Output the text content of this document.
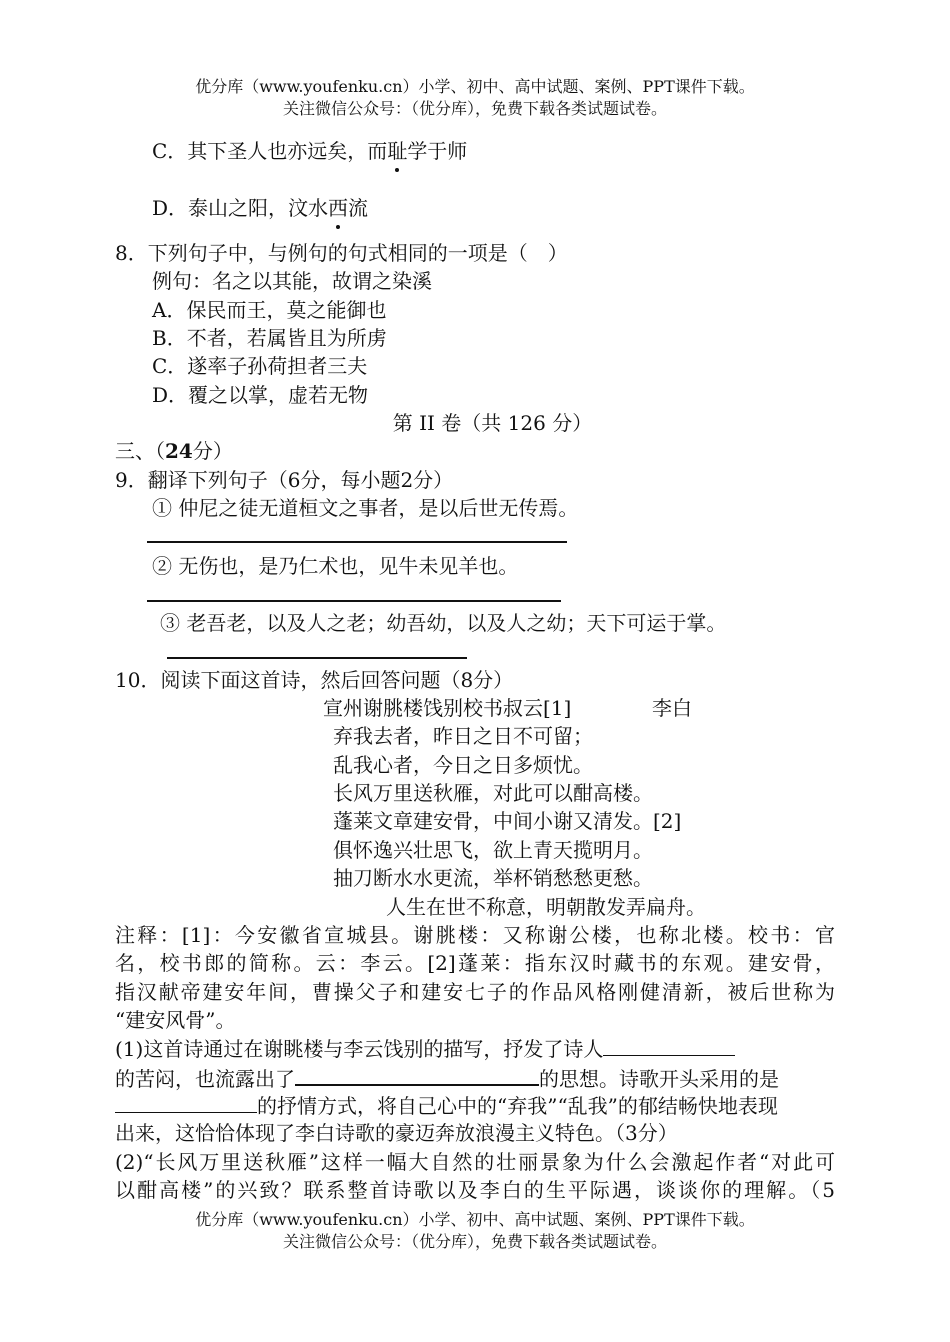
优分库（www.youfenku.cn）小学、初中、高中试题、案例、PPT课件下载。
关注微信公众号：（优分库），免费下载各类试题试卷。
C．其下圣人也亦远矣，而耻学于师
D．泰山之阳，汶水西流
8．下列句子中，与例句的句式相同的一项是（　）
例句：名之以其能，故谓之染溪
A．保民而王，莫之能御也
B．不者，若属皆且为所虏
C．遂率子孙荷担者三夫
D．覆之以掌，虚若无物
第 II 卷（共 126 分）
三、（24分）
9．翻译下列句子（6分，每小题2分）
① 仲尼之徒无道桓文之事者，是以后世无传焉。
② 无伤也，是乃仁术也，见牛未见羊也。
③ 老吾老，以及人之老；幼吾幼，以及人之幼；天下可运于掌。
10．阅读下面这首诗，然后回答问题（8分）
宣州谢朓楼饯别校书叔云[1]	李白
弃我去者，昨日之日不可留；
乱我心者，今日之日多烦忧。
长风万里送秋雁，对此可以酣高楼。
蓬莱文章建安骨，中间小谢又清发。[2]
俱怀逸兴壮思飞，欲上青天揽明月。
抽刀断水水更流，举杯销愁愁更愁。
人生在世不称意，明朝散发弄扁舟。
注释：[1]：今安徽省宣城县。谢朓楼：又称谢公楼，也称北楼。校书：官
名，校书郎的简称。云：李云。[2]蓬莱：指东汉时藏书的东观。建安骨，
指汉献帝建安年间，曹操父子和建安七子的作品风格刚健清新，被后世称为
“建安风骨”。
(1)这首诗通过在谢眺楼与李云饯别的描写，抒发了诗人
的苦闷，也流露出了	的思想。诗歌开头采用的是
的抒情方式，将自己心中的“弃我”“乱我”的郁结畅快地表现
出来，这恰恰体现了李白诗歌的豪迈奔放浪漫主义特色。（3分）
(2)“长风万里送秋雁”这样一幅大自然的壮丽景象为什么会激起作者“对此可
以酣高楼”的兴致？联系整首诗歌以及李白的生平际遇，谈谈你的理解。（5
优分库（www.youfenku.cn）小学、初中、高中试题、案例、PPT课件下载。
关注微信公众号：（优分库），免费下载各类试题试卷。
